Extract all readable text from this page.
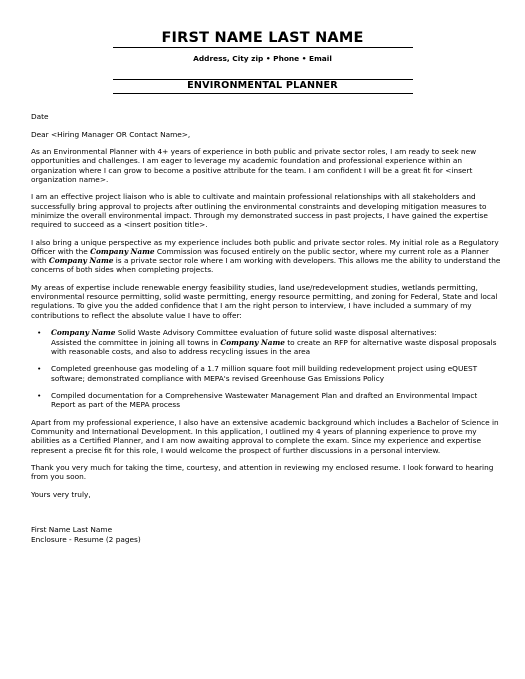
FIRST NAME LAST NAME
Address, City zip • Phone • Email
ENVIRONMENTAL PLANNER

Date

Dear <Hiring Manager OR Contact Name>,

As an Environmental Planner with 4+ years of experience in both public and private sector roles, I am ready to seek new opportunities and challenges. I am eager to leverage my academic foundation and professional experience within an organization where I can grow to become a positive attribute for the team. I am confident I will be a great fit for <insert organization name>.

I am an effective project liaison who is able to cultivate and maintain professional relationships with all stakeholders and successfully bring approval to projects after outlining the environmental constraints and developing mitigation measures to minimize the overall environmental impact. Through my demonstrated success in past projects, I have gained the expertise required to succeed as a <insert position title>.

I also bring a unique perspective as my experience includes both public and private sector roles. My initial role as a Regulatory Officer with the Company Name Commission was focused entirely on the public sector, where my current role as a Planner with Company Name is a private sector role where I am working with developers. This allows me the ability to understand the concerns of both sides when completing projects.

My areas of expertise include renewable energy feasibility studies, land use/redevelopment studies, wetlands permitting, environmental resource permitting, solid waste permitting, energy resource permitting, and zoning for Federal, State and local regulations. To give you the added confidence that I am the right person to interview, I have included a summary of my contributions to reflect the absolute value I have to offer:

• Company Name Solid Waste Advisory Committee evaluation of future solid waste disposal alternatives:
Assisted the committee in joining all towns in Company Name to create an RFP for alternative waste disposal proposals with reasonable costs, and also to address recycling issues in the area
• Completed greenhouse gas modeling of a 1.7 million square foot mill building redevelopment project using eQUEST software; demonstrated compliance with MEPA's revised Greenhouse Gas Emissions Policy
• Compiled documentation for a Comprehensive Wastewater Management Plan and drafted an Environmental Impact Report as part of the MEPA process

Apart from my professional experience, I also have an extensive academic background which includes a Bachelor of Science in Community and International Development. In this application, I outlined my 4 years of planning experience to prove my abilities as a Certified Planner, and I am now awaiting approval to complete the exam. Since my experience and expertise represent a precise fit for this role, I would welcome the prospect of further discussions in a personal interview.

Thank you very much for taking the time, courtesy, and attention in reviewing my enclosed resume. I look forward to hearing from you soon.

Yours very truly,

First Name Last Name
Enclosure - Resume (2 pages)
